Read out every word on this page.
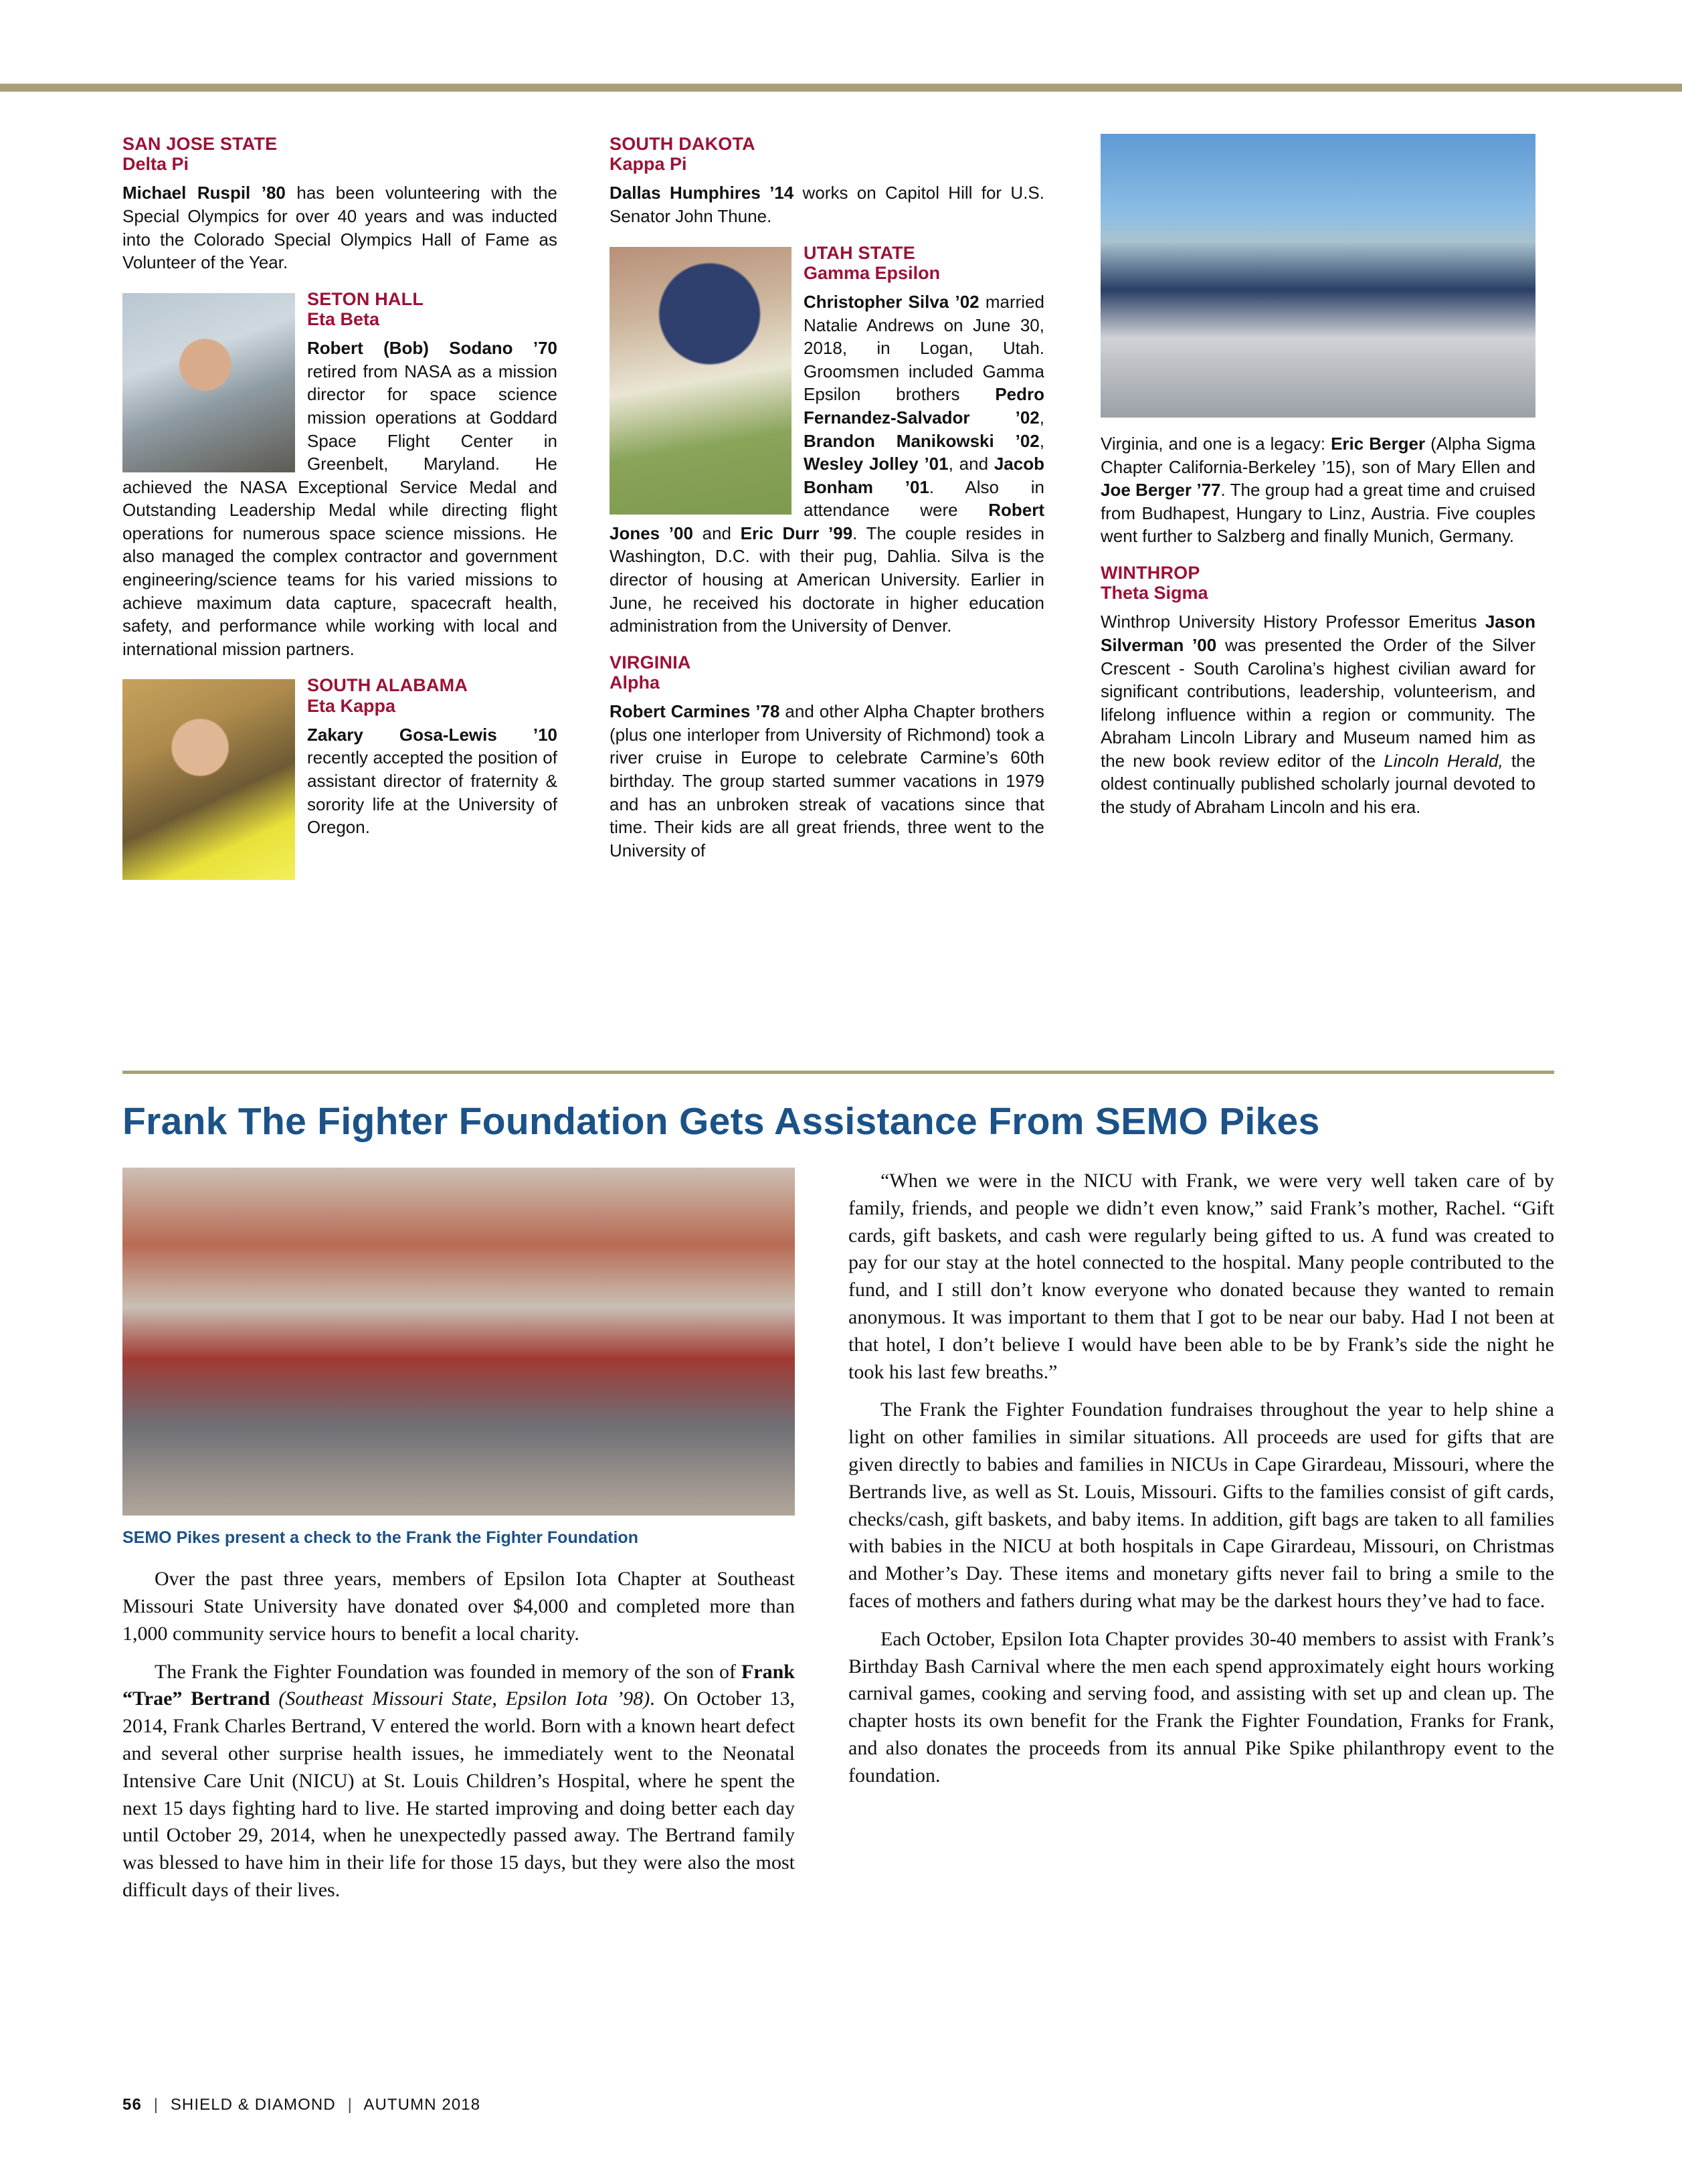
SAN JOSE STATE

Delta Pi

Michael Ruspil ’80 has been volunteering with the Special Olympics for over 40 years and was inducted into the Colorado Special Olympics Hall of Fame as Volunteer of the Year.

SETON HALL

Eta Beta

Robert (Bob) Sodano ’70 retired from NASA as a mission director for space science mission operations at Goddard Space Flight Center in Greenbelt, Maryland. He achieved the NASA Exceptional Service Medal and Outstanding Leadership Medal while directing flight operations for numerous space science missions. He also managed the complex contractor and government engineering/science teams for his varied missions to achieve maximum data capture, spacecraft health, safety, and performance while working with local and international mission partners.

SOUTH ALABAMA

Eta Kappa

Zakary Gosa-Lewis ’10 recently accepted the position of assistant director of fraternity & sorority life at the University of Oregon.

SOUTH DAKOTA

Kappa Pi

Dallas Humphires ’14 works on Capitol Hill for U.S. Senator John Thune.

UTAH STATE

Gamma Epsilon

Christopher Silva ’02 married Natalie Andrews on June 30, 2018, in Logan, Utah. Groomsmen included Gamma Epsilon brothers Pedro Fernandez-Salvador ’02, Brandon Manikowski ’02, Wesley Jolley ’01, and Jacob Bonham ’01. Also in attendance were Robert Jones ’00 and Eric Durr ’99. The couple resides in Washington, D.C. with their pug, Dahlia. Silva is the director of housing at American University. Earlier in June, he received his doctorate in higher education administration from the University of Denver.

VIRGINIA

Alpha

Robert Carmines ’78 and other Alpha Chapter brothers (plus one interloper from University of Richmond) took a river cruise in Europe to celebrate Carmine’s 60th birthday. The group started summer vacations in 1979 and has an unbroken streak of vacations since that time. Their kids are all great friends, three went to the University of

Virginia, and one is a legacy: Eric Berger (Alpha Sigma Chapter California-Berkeley ’15), son of Mary Ellen and Joe Berger ’77. The group had a great time and cruised from Budhapest, Hungary to Linz, Austria. Five couples went further to Salzberg and finally Munich, Germany.

WINTHROP

Theta Sigma

Winthrop University History Professor Emeritus Jason Silverman ’00 was presented the Order of the Silver Crescent - South Carolina’s highest civilian award for significant contributions, leadership, volunteerism, and lifelong influence within a region or community. The Abraham Lincoln Library and Museum named him as the new book review editor of the Lincoln Herald, the oldest continually published scholarly journal devoted to the study of Abraham Lincoln and his era.

Frank The Fighter Foundation Gets Assistance From SEMO Pikes
SEMO Pikes present a check to the Frank the Fighter Foundation

Over the past three years, members of Epsilon Iota Chapter at Southeast Missouri State University have donated over $4,000 and completed more than 1,000 community service hours to benefit a local charity.

The Frank the Fighter Foundation was founded in memory of the son of Frank “Trae” Bertrand (Southeast Missouri State, Epsilon Iota ’98). On October 13, 2014, Frank Charles Bertrand, V entered the world. Born with a known heart defect and several other surprise health issues, he immediately went to the Neonatal Intensive Care Unit (NICU) at St. Louis Children’s Hospital, where he spent the next 15 days fighting hard to live. He started improving and doing better each day until October 29, 2014, when he unexpectedly passed away. The Bertrand family was blessed to have him in their life for those 15 days, but they were also the most difficult days of their lives.

“When we were in the NICU with Frank, we were very well taken care of by family, friends, and people we didn’t even know,” said Frank’s mother, Rachel. “Gift cards, gift baskets, and cash were regularly being gifted to us. A fund was created to pay for our stay at the hotel connected to the hospital. Many people contributed to the fund, and I still don’t know everyone who donated because they wanted to remain anonymous. It was important to them that I got to be near our baby. Had I not been at that hotel, I don’t believe I would have been able to be by Frank’s side the night he took his last few breaths.”

The Frank the Fighter Foundation fundraises throughout the year to help shine a light on other families in similar situations. All proceeds are used for gifts that are given directly to babies and families in NICUs in Cape Girardeau, Missouri, where the Bertrands live, as well as St. Louis, Missouri. Gifts to the families consist of gift cards, checks/cash, gift baskets, and baby items. In addition, gift bags are taken to all families with babies in the NICU at both hospitals in Cape Girardeau, Missouri, on Christmas and Mother’s Day. These items and monetary gifts never fail to bring a smile to the faces of mothers and fathers during what may be the darkest hours they’ve had to face.

Each October, Epsilon Iota Chapter provides 30-40 members to assist with Frank’s Birthday Bash Carnival where the men each spend approximately eight hours working carnival games, cooking and serving food, and assisting with set up and clean up. The chapter hosts its own benefit for the Frank the Fighter Foundation, Franks for Frank, and also donates the proceeds from its annual Pike Spike philanthropy event to the foundation.

56 | SHIELD & DIAMOND | AUTUMN 2018
